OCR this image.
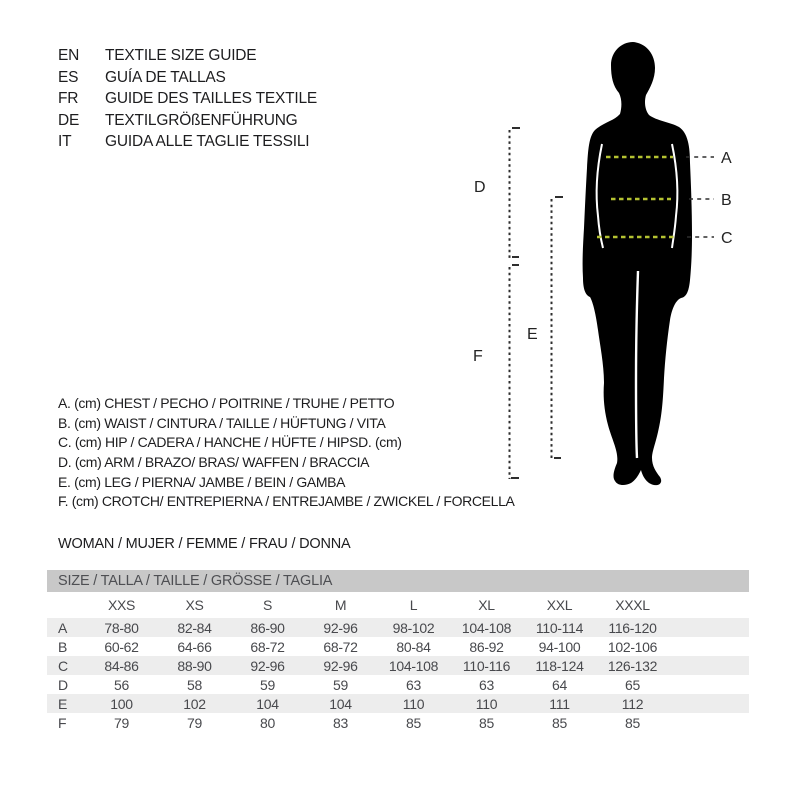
EN TEXTILE SIZE GUIDE
ES GUÍA DE TALLAS
FR GUIDE DES TAILLES TEXTILE
DE TEXTILGRÖßENFÜHRUNG
IT GUIDA ALLE TAGLIE TESSILI
A
B
C
D
E
F
A. (cm) CHEST / PECHO / POITRINE / TRUHE / PETTO
B. (cm) WAIST / CINTURA / TAILLE / HÜFTUNG / VITA
C. (cm) HIP / CADERA / HANCHE / HÜFTE / HIPSD. (cm)
D. (cm) ARM / BRAZO/ BRAS/ WAFFEN / BRACCIA
E. (cm) LEG / PIERNA/ JAMBE / BEIN / GAMBA
F. (cm) CROTCH/ ENTREPIERNA / ENTREJAMBE / ZWICKEL / FORCELLA
WOMAN / MUJER / FEMME / FRAU / DONNA
SIZE / TALLA / TAILLE / GRÖSSE / TAGLIA
XXS	XS	S	M	L	XL	XXL	XXXL
A	78-80	82-84	86-90	92-96	98-102	104-108	110-114	116-120
B	60-62	64-66	68-72	68-72	80-84	86-92	94-100	102-106
C	84-86	88-90	92-96	92-96	104-108	110-116	118-124	126-132
D	56	58	59	59	63	63	64	65
E	100	102	104	104	110	110	111	112
F	79	79	80	83	85	85	85	85
